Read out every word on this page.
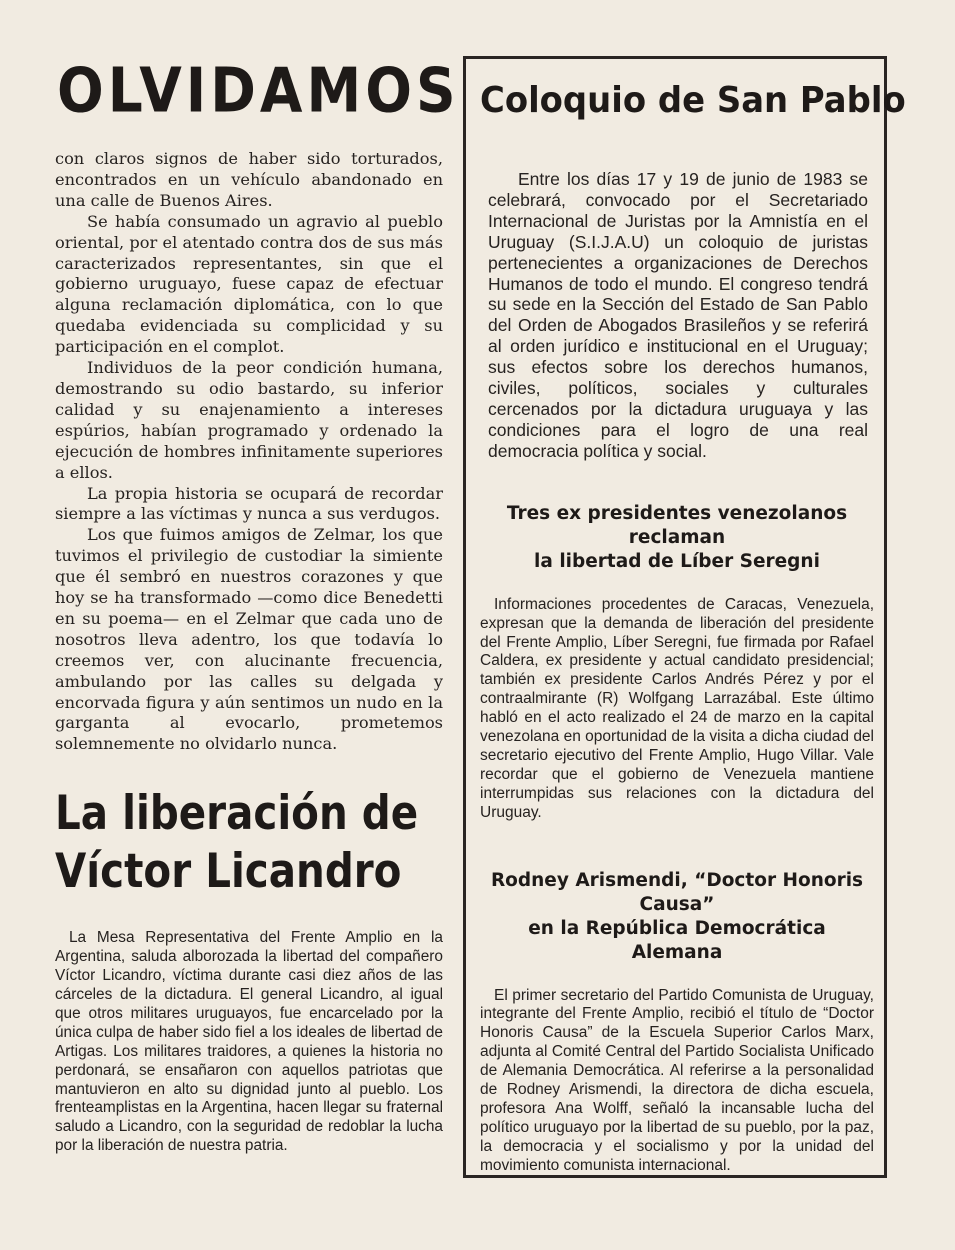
OLVIDAMOS

con claros signos de haber sido torturados, encontrados en un vehículo abandonado en una calle de Buenos Aires.

Se había consumado un agravio al pueblo oriental, por el atentado contra dos de sus más caracterizados representantes, sin que el gobierno uruguayo, fuese capaz de efectuar alguna reclamación diplomática, con lo que quedaba evidenciada su complicidad y su participación en el complot.

Individuos de la peor condición humana, demostrando su odio bastardo, su inferior calidad y su enajenamiento a intereses espúrios, habían programado y ordenado la ejecución de hombres infinitamente superiores a ellos.

La propia historia se ocupará de recordar siempre a las víctimas y nunca a sus verdugos.

Los que fuimos amigos de Zelmar, los que tuvimos el privilegio de custodiar la simiente que él sembró en nuestros corazones y que hoy se ha transformado —como dice Benedetti en su poema— en el Zelmar que cada uno de nosotros lleva adentro, los que todavía lo creemos ver, con alucinante frecuencia, ambulando por las calles su delgada y encorvada figura y aún sentimos un nudo en la garganta al evocarlo, prometemos solemnemente no olvidarlo nunca.

La liberación de
Víctor Licandro

La Mesa Representativa del Frente Amplio en la Argentina, saluda alborozada la libertad del compañero Víctor Licandro, víctima durante casi diez años de las cárceles de la dictadura. El general Licandro, al igual que otros militares uruguayos, fue encarcelado por la única culpa de haber sido fiel a los ideales de libertad de Artigas. Los militares traidores, a quienes la historia no perdonará, se ensañaron con aquellos patriotas que mantuvieron en alto su dignidad junto al pueblo. Los frenteamplistas en la Argentina, hacen llegar su fraternal saludo a Licandro, con la seguridad de redoblar la lucha por la liberación de nuestra patria.

Coloquio de San Pablo

Entre los días 17 y 19 de junio de 1983 se celebrará, convocado por el Secretariado Internacional de Juristas por la Amnistía en el Uruguay (S.I.J.A.U) un coloquio de juristas pertenecientes a organizaciones de Derechos Humanos de todo el mundo. El congreso tendrá su sede en la Sección del Estado de San Pablo del Orden de Abogados Brasileños y se referirá al orden jurídico e institucional en el Uruguay; sus efectos sobre los derechos humanos, civiles, políticos, sociales y culturales cercenados por la dictadura uruguaya y las condiciones para el logro de una real democracia política y social.

Tres ex presidentes venezolanos reclaman
la libertad de Líber Seregni

Informaciones procedentes de Caracas, Venezuela, expresan que la demanda de liberación del presidente del Frente Amplio, Líber Seregni, fue firmada por Rafael Caldera, ex presidente y actual candidato presidencial; también ex presidente Carlos Andrés Pérez y por el contraalmirante (R) Wolfgang Larrazábal. Este último habló en el acto realizado el 24 de marzo en la capital venezolana en oportunidad de la visita a dicha ciudad del secretario ejecutivo del Frente Amplio, Hugo Villar. Vale recordar que el gobierno de Venezuela mantiene interrumpidas sus relaciones con la dictadura del Uruguay.

Rodney Arismendi, “Doctor Honoris Causa”
en la República Democrática Alemana

El primer secretario del Partido Comunista de Uruguay, integrante del Frente Amplio, recibió el título de “Doctor Honoris Causa” de la Escuela Superior Carlos Marx, adjunta al Comité Central del Partido Socialista Unificado de Alemania Democrática. Al referirse a la personalidad de Rodney Arismendi, la directora de dicha escuela, profesora Ana Wolff, señaló la incansable lucha del político uruguayo por la libertad de su pueblo, por la paz, la democracia y el socialismo y por la unidad del movimiento comunista internacional.
